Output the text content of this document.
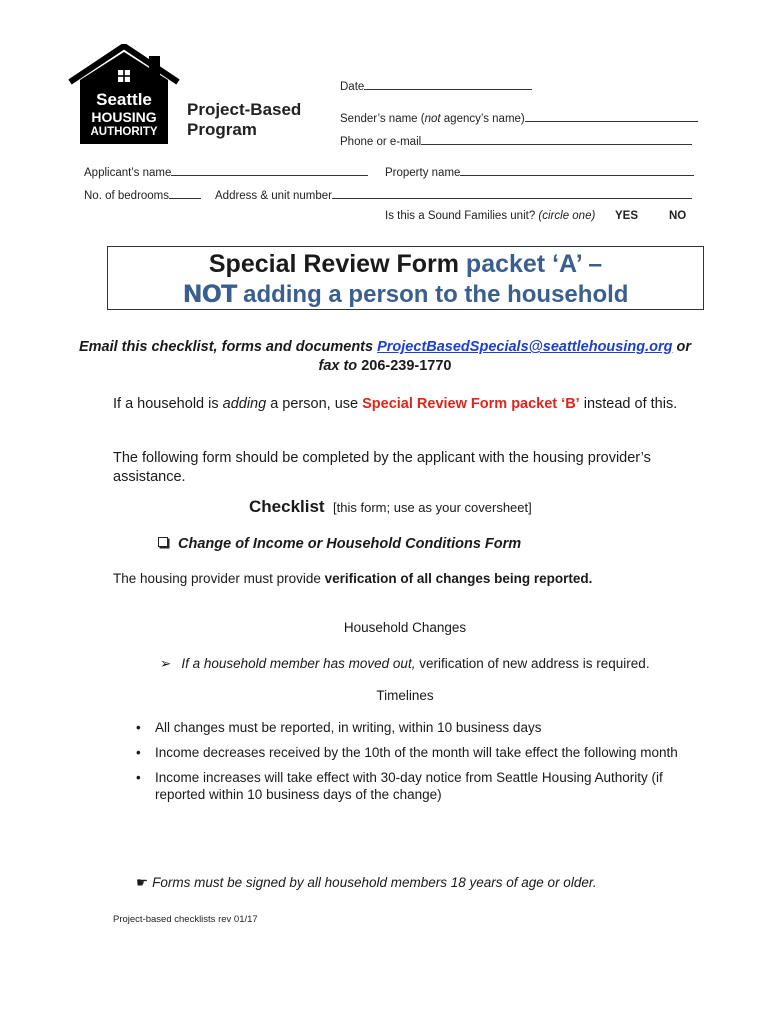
Seattle
HOUSING
AUTHORITY
Project-Based
Program
Date
Sender’s name (not agency’s name)
Phone or e-mail
Applicant’s name	Property name
No. of bedrooms	Address & unit number
Is this a Sound Families unit? (circle one) YES	NO
Special Review Form packet ‘A’ –
NOT adding a person to the household
Email this checklist, forms and documents ProjectBasedSpecials@seattlehousing.org or
fax to 206-239-1770
If a household is adding a person, use Special Review Form packet ‘B’ instead of this.
The following form should be completed by the applicant with the housing provider’s assistance.
Checklist [this form; use as your coversheet]
Change of Income or Household Conditions Form
The housing provider must provide verification of all changes being reported.
Household Changes
➢ If a household member has moved out, verification of new address is required.
Timelines
• All changes must be reported, in writing, within 10 business days
• Income decreases received by the 10th of the month will take effect the following month
• Income increases will take effect with 30-day notice from Seattle Housing Authority (if reported within 10 business days of the change)
☛ Forms must be signed by all household members 18 years of age or older.
Project-based checklists rev 01/17
